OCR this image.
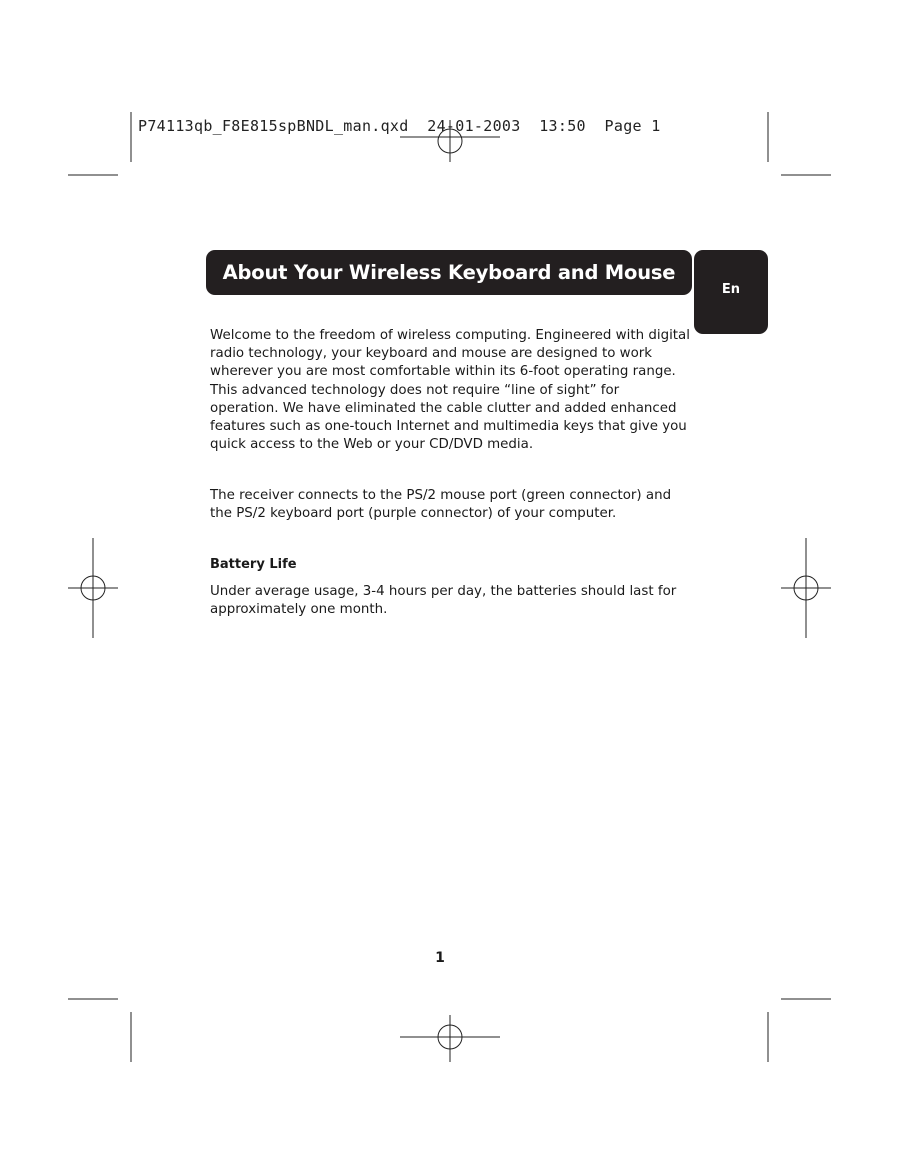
P74113qb_F8E815spBNDL_man.qxd  24-01-2003  13:50  Page 1
About Your Wireless Keyboard and Mouse
En

Welcome to the freedom of wireless computing. Engineered with digital radio technology, your keyboard and mouse are designed to work wherever you are most comfortable within its 6-foot operating range. This advanced technology does not require “line of sight” for operation. We have eliminated the cable clutter and added enhanced features such as one-touch Internet and multimedia keys that give you quick access to the Web or your CD/DVD media.

The receiver connects to the PS/2 mouse port (green connector) and the PS/2 keyboard port (purple connector) of your computer.

Battery Life

Under average usage, 3-4 hours per day, the batteries should last for approximately one month.

1
